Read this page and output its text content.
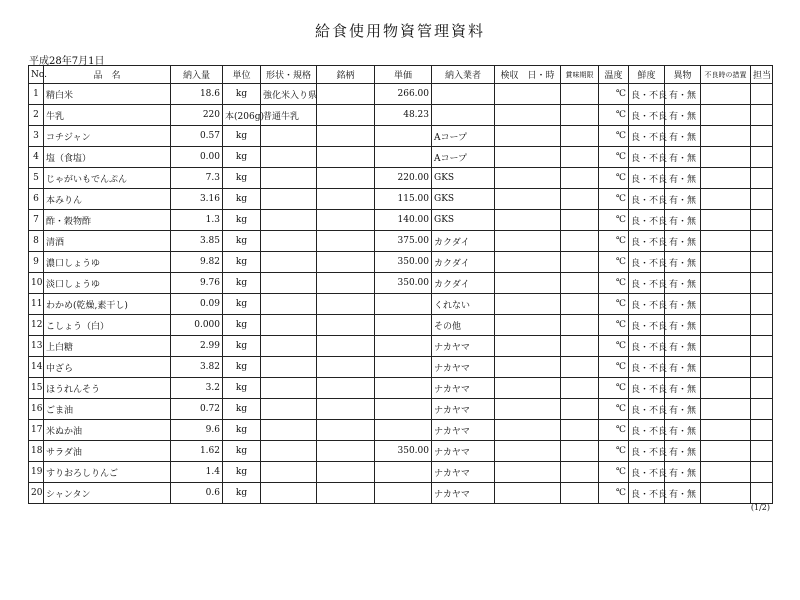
給食使用物資管理資料
平成28年7月1日
No.	品　名	納入量	単位	形状・規格	銘柄	単価	納入業者	検収　日・時	賞味期限	温度	鮮度	異物	不良時の措置	担当
1	精白米	18.6	kg	強化米入り県		266.00				℃	良・不良	有・無		
2	牛乳	220	本(206g)	普通牛乳		48.23				℃	良・不良	有・無		
3	コチジャン	0.57	kg				Aコープ			℃	良・不良	有・無		
4	塩（食塩）	0.00	kg				Aコープ			℃	良・不良	有・無		
5	じゃがいもでんぷん	7.3	kg			220.00	GKS			℃	良・不良	有・無		
6	本みりん	3.16	kg			115.00	GKS			℃	良・不良	有・無		
7	酢・穀物酢	1.3	kg			140.00	GKS			℃	良・不良	有・無		
8	清酒	3.85	kg			375.00	カクダイ			℃	良・不良	有・無		
9	濃口しょうゆ	9.82	kg			350.00	カクダイ			℃	良・不良	有・無		
10	淡口しょうゆ	9.76	kg			350.00	カクダイ			℃	良・不良	有・無		
11	わかめ(乾燥,素干し)	0.09	kg				くれない			℃	良・不良	有・無		
12	こしょう（白）	0.000	kg				その他			℃	良・不良	有・無		
13	上白糖	2.99	kg				ナカヤマ			℃	良・不良	有・無		
14	中ざら	3.82	kg				ナカヤマ			℃	良・不良	有・無		
15	ほうれんそう	3.2	kg				ナカヤマ			℃	良・不良	有・無		
16	ごま油	0.72	kg				ナカヤマ			℃	良・不良	有・無		
17	米ぬか油	9.6	kg				ナカヤマ			℃	良・不良	有・無		
18	サラダ油	1.62	kg			350.00	ナカヤマ			℃	良・不良	有・無		
19	すりおろしりんご	1.4	kg				ナカヤマ			℃	良・不良	有・無		
20	シャンタン	0.6	kg				ナカヤマ			℃	良・不良	有・無		
(1/2)
